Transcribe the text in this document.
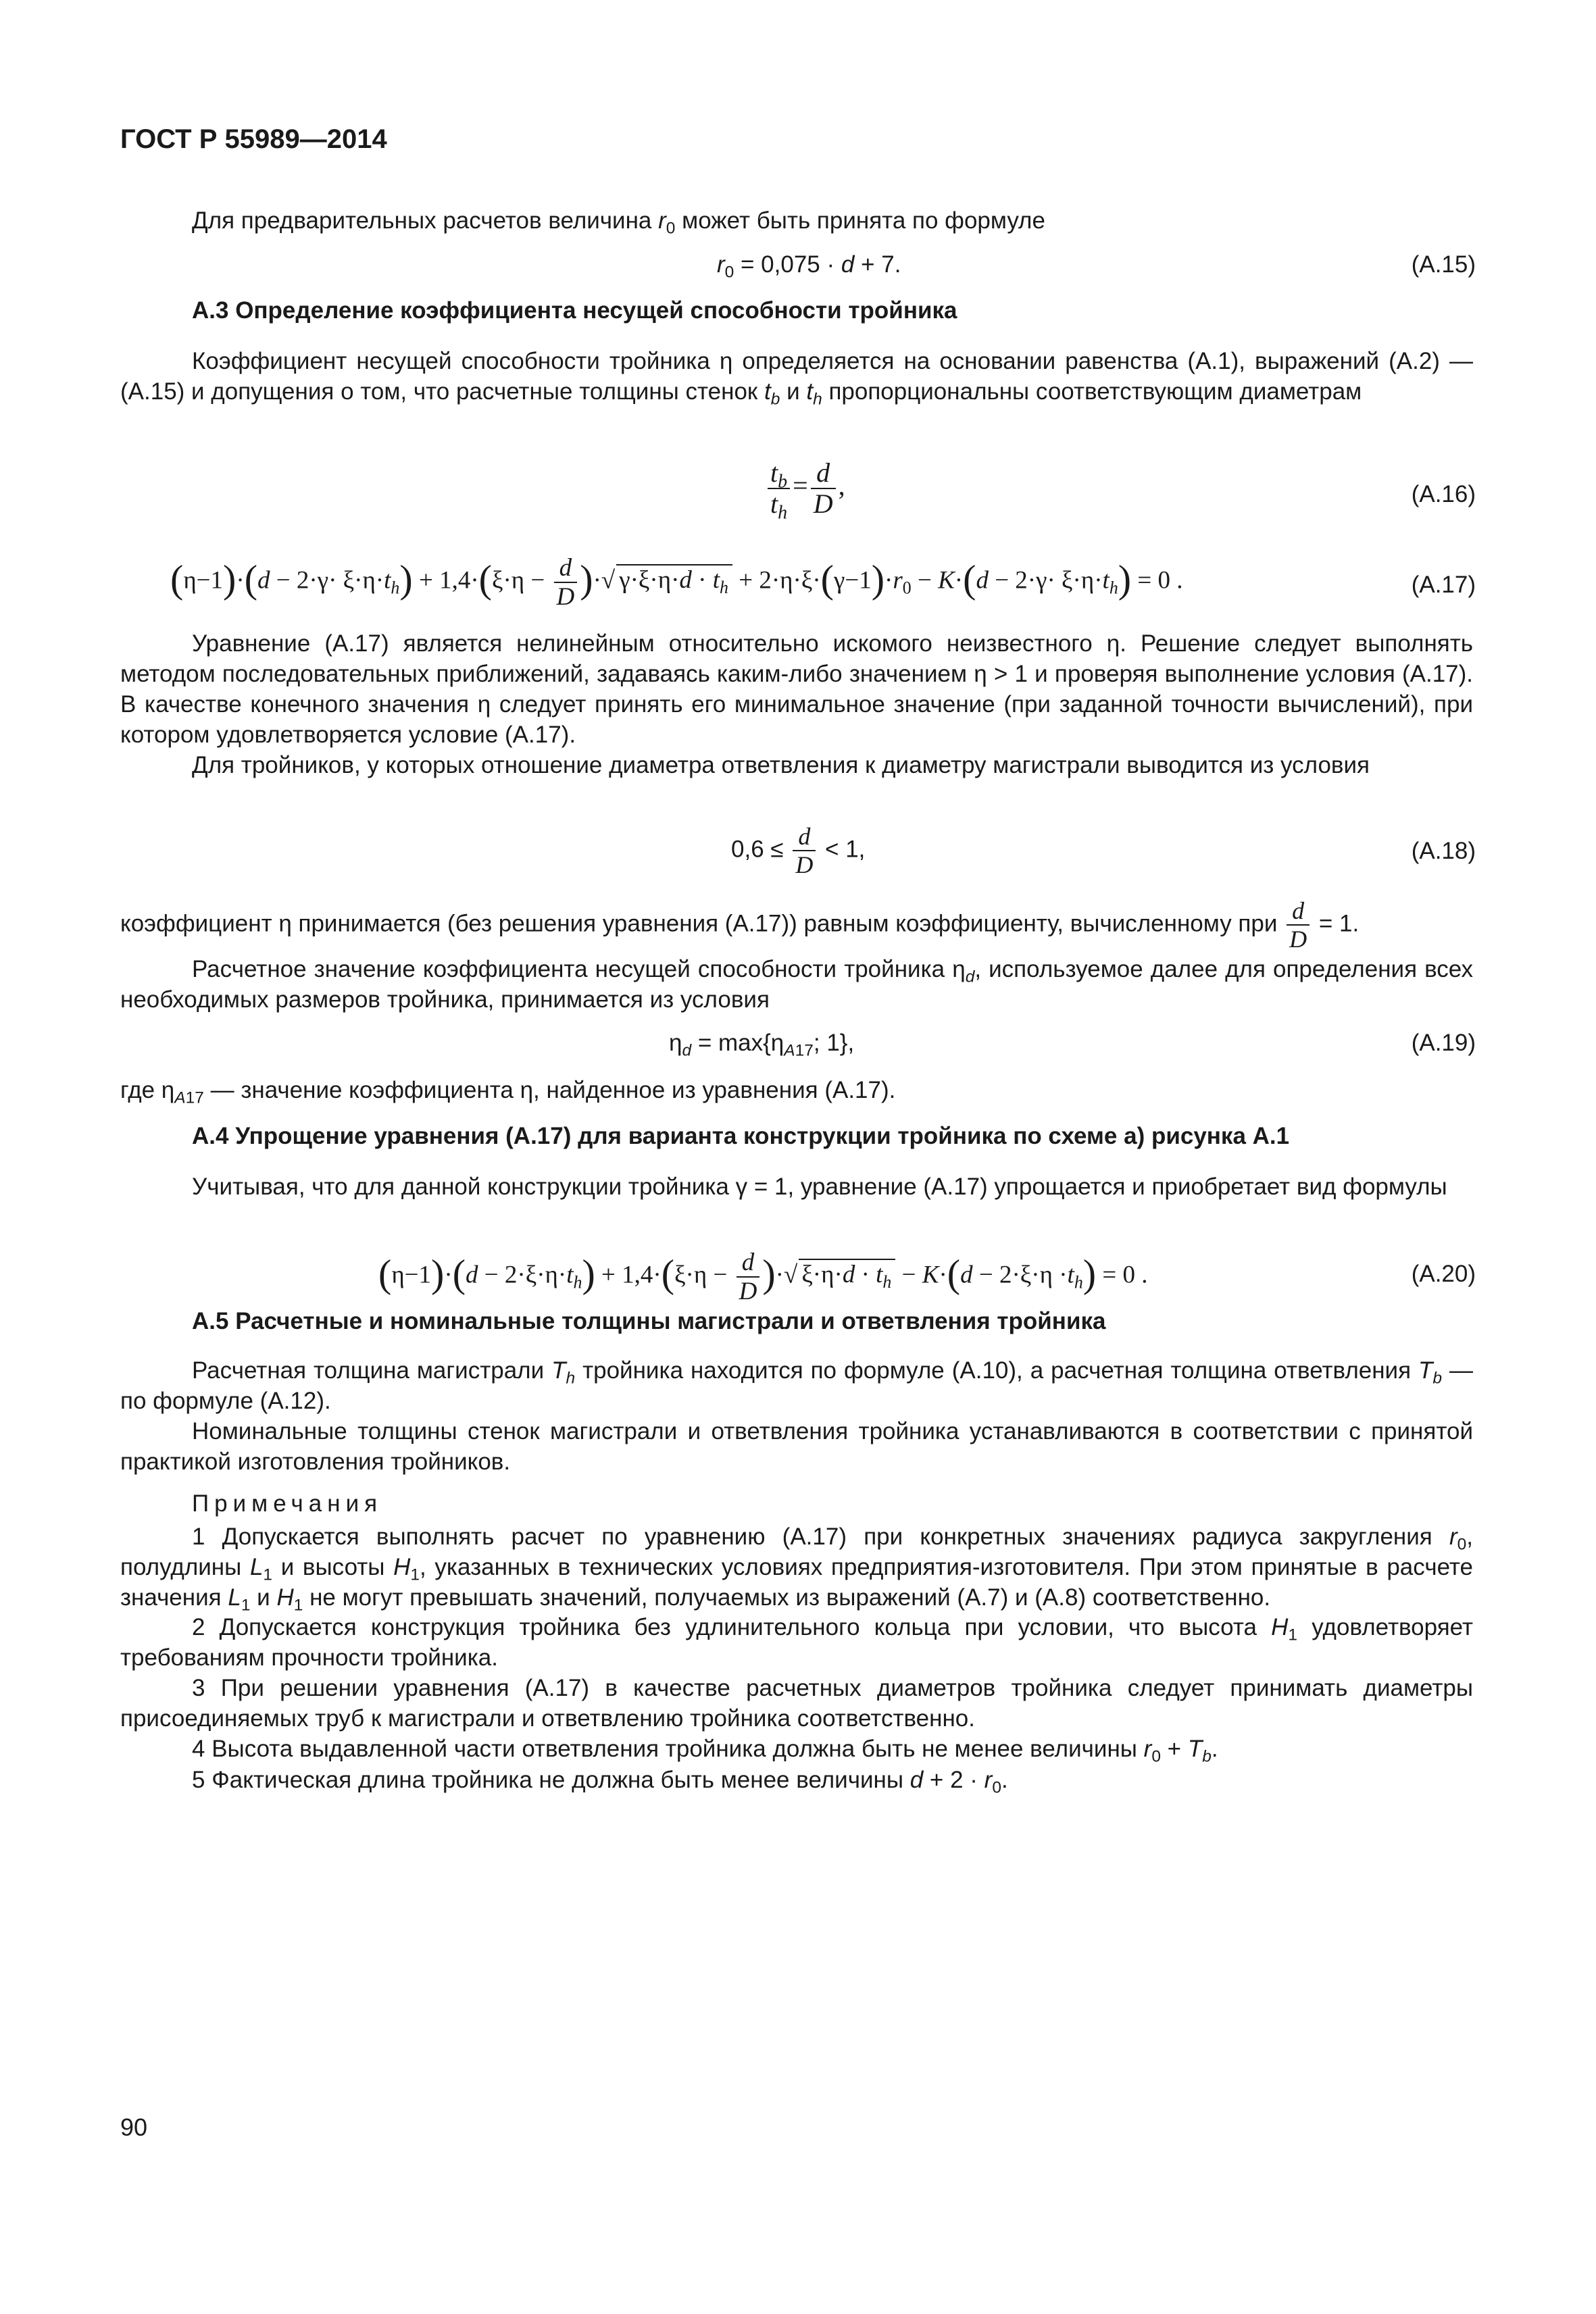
ГОСТ Р 55989—2014
Для предварительных расчетов величина $r_0$ может быть принята по формуле
$r_0 = 0,075 \cdot d + 7$.	(А.15)
А.3 Определение коэффициента несущей способности тройника
Коэффициент несущей способности тройника η определяется на основании равенства (А.1), выражений (А.2) — (А.15) и допущения о том, что расчетные толщины стенок $t_b$ и $t_h$ пропорциональны соответствующим диаметрам
$\frac{t_b}{t_h} = \frac{d}{D}$ ,	(А.16)
$(\eta-1)\cdot(d - 2\cdot\gamma\cdot \xi\cdot\eta\cdot t_h) + 1,4\cdot(\xi\cdot\eta - \frac{d}{D}$ )·√ $\gamma\cdot\xi\cdot\eta\cdot d \cdot t_h + 2\cdot\eta\cdot\xi\cdot(\gamma-1)\cdot r_0 - K\cdot(d - 2\cdot\gamma\cdot \xi\cdot\eta\cdot t_h) = 0$ .	(А.17)
Уравнение (А.17) является нелинейным относительно искомого неизвестного η. Решение следует выполнять методом последовательных приближений, задаваясь каким-либо значением η > 1 и проверяя выполнение условия (А.17). В качестве конечного значения η следует принять его минимальное значение (при заданной точности вычислений), при котором удовлетворяется условие (А.17).
Для тройников, у которых отношение диаметра ответвления к диаметру магистрали выводится из условия
$0,6 \le \frac{d}{D} < 1$,	(А.18)
коэффициент η принимается (без решения уравнения (А.17)) равным коэффициенту, вычисленному при $\frac{d}{D} = 1$.
Расчетное значение коэффициента несущей способности тройника $\eta_d$, используемое далее для определения всех необходимых размеров тройника, принимается из условия
$\eta_d = \max\{\eta_{A17}$; 1},	(А.19)
где $\eta_{A17}$ — значение коэффициента η, найденное из уравнения (А.17).
А.4 Упрощение уравнения (А.17) для варианта конструкции тройника по схеме а) рисунка А.1
Учитывая, что для данной конструкции тройника γ = 1, уравнение (А.17) упрощается и приобретает вид формулы
$(\eta-1)\cdot(d - 2\cdot\xi\cdot\eta\cdot t_h) + 1,4\cdot(\xi\cdot\eta - \frac{d}{D}$ )·√ $\xi\cdot\eta\cdot d \cdot t_h - K\cdot(d - 2\cdot\xi\cdot\eta \cdot t_h) = 0$ .	(А.20)
А.5 Расчетные и номинальные толщины магистрали и ответвления тройника
Расчетная толщина магистрали $T_h$ тройника находится по формуле (А.10), а расчетная толщина ответвления $T_b$ — по формуле (А.12).
Номинальные толщины стенок магистрали и ответвления тройника устанавливаются в соответствии с принятой практикой изготовления тройников.
Примечания
1 Допускается выполнять расчет по уравнению (А.17) при конкретных значениях радиуса закругления $r_0$, полудлины $L_1$ и высоты $H_1$, указанных в технических условиях предприятия-изготовителя. При этом принятые в расчете значения $L_1$ и $H_1$ не могут превышать значений, получаемых из выражений (А.7) и (А.8) соответственно.
2 Допускается конструкция тройника без удлинительного кольца при условии, что высота $H_1$ удовлетворяет требованиям прочности тройника.
3 При решении уравнения (А.17) в качестве расчетных диаметров тройника следует принимать диаметры присоединяемых труб к магистрали и ответвлению тройника соответственно.
4 Высота выдавленной части ответвления тройника должна быть не менее величины $r_0 + T_b$.
5 Фактическая длина тройника не должна быть менее величины $d + 2 \cdot r_0$.
90
